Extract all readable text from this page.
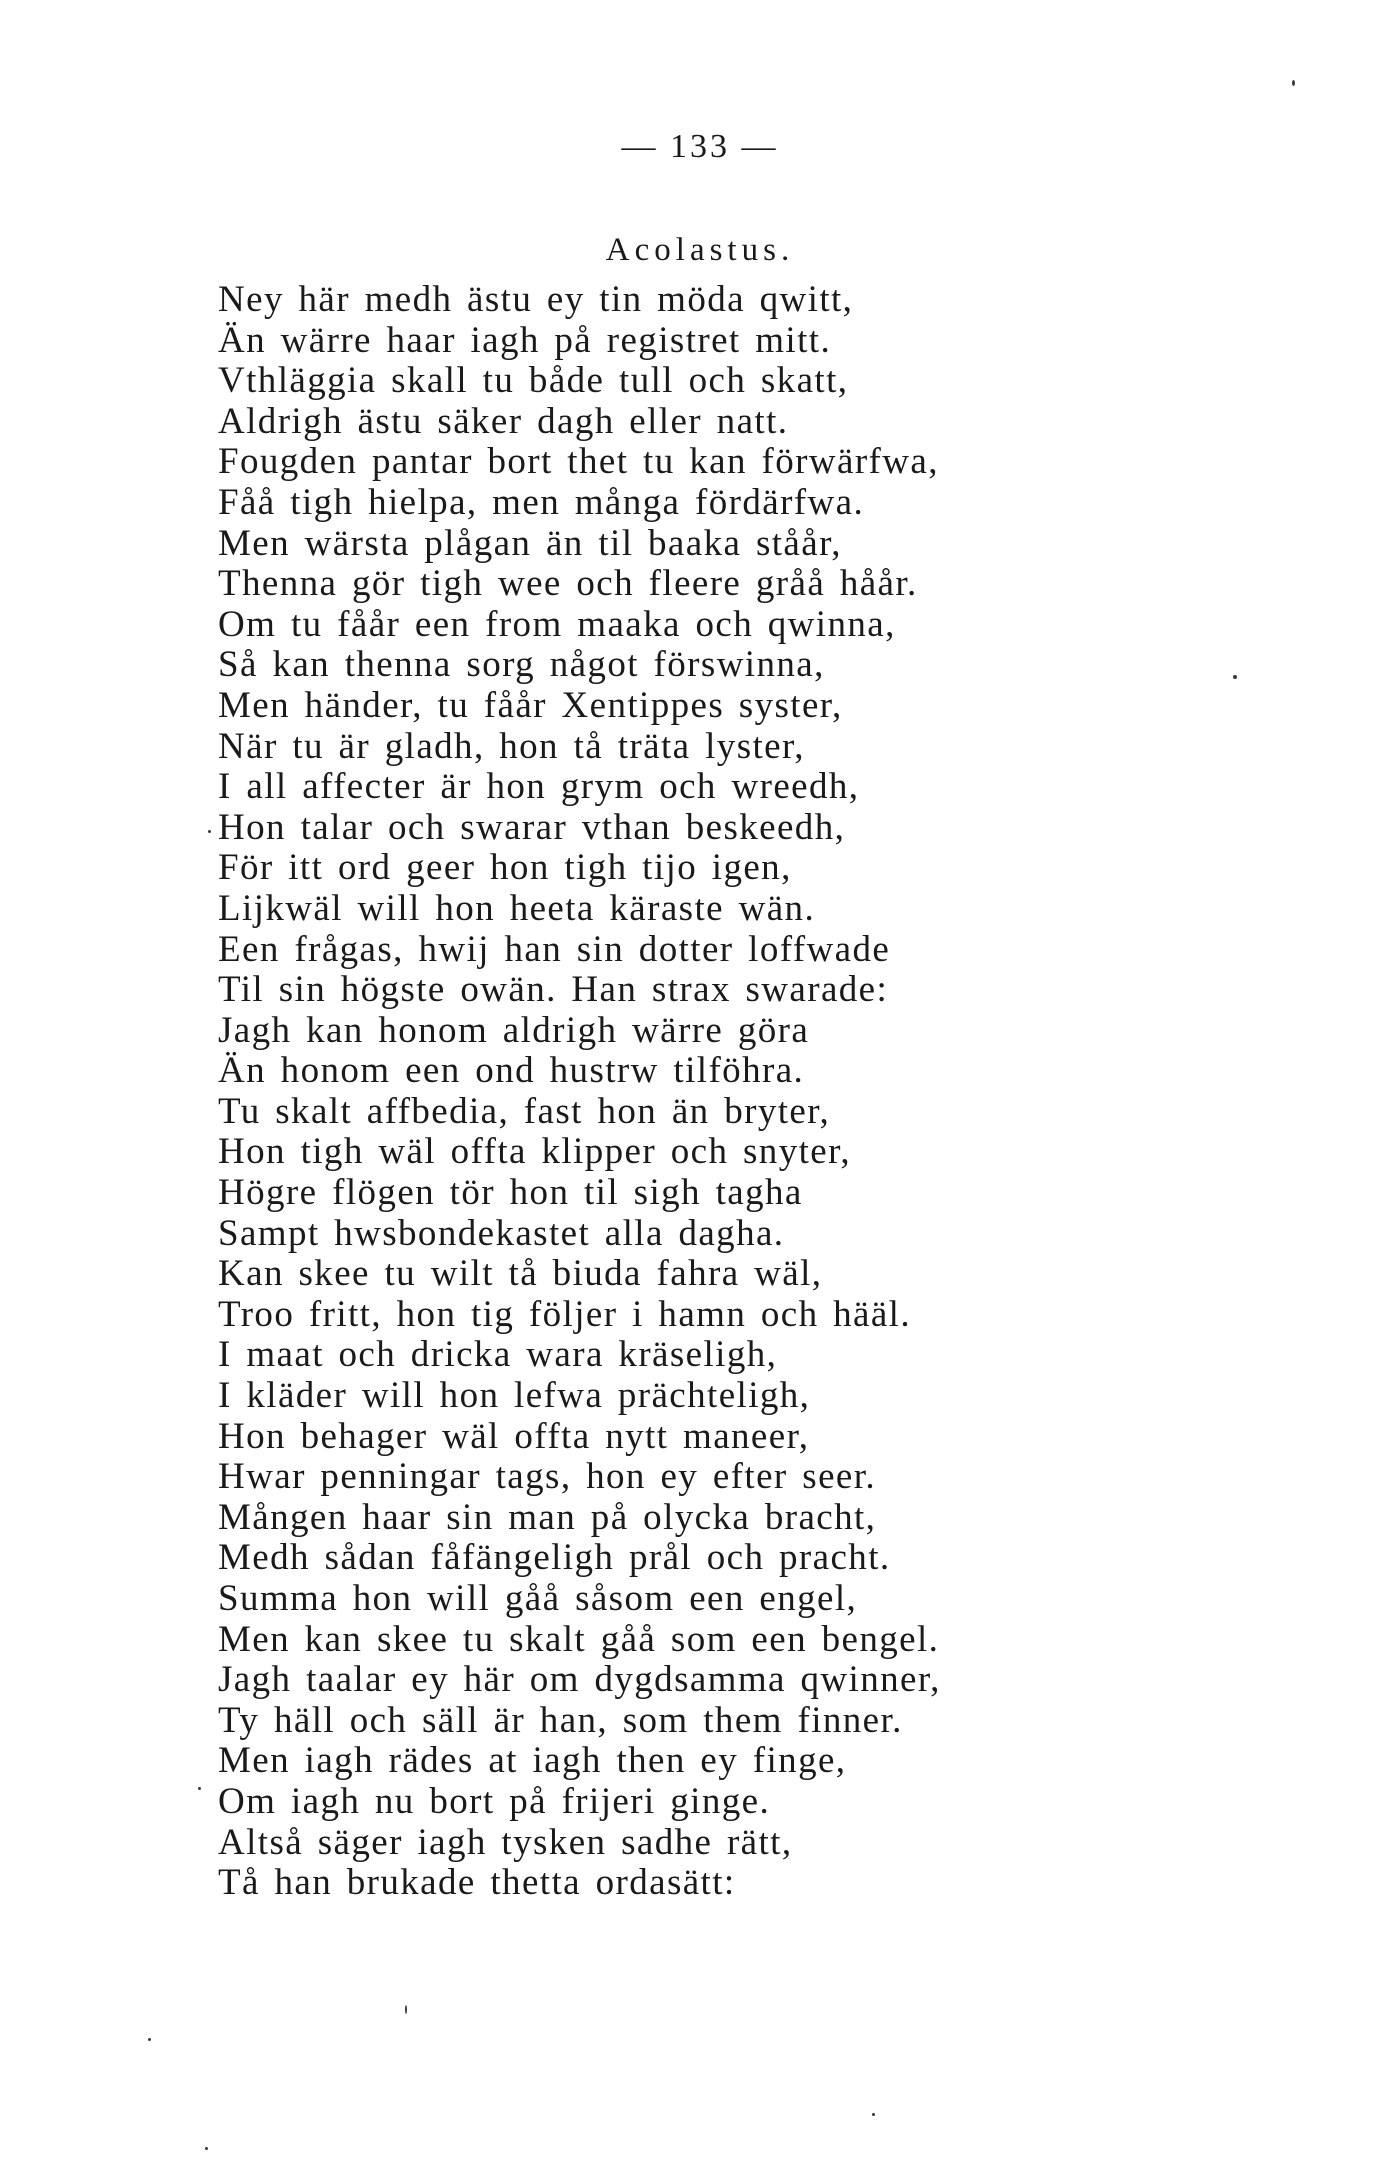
— 133 —
Acolastus.
Ney här medh ästu ey tin möda qwitt,
Än wärre haar iagh på registret mitt.
Vthläggia skall tu både tull och skatt,
Aldrigh ästu säker dagh eller natt.
Fougden pantar bort thet tu kan förwärfwa,
Fåå tigh hielpa, men många fördärfwa.
Men wärsta plågan än til baaka ståår,
Thenna gör tigh wee och fleere gråå håår.
Om tu fåår een from maaka och qwinna,
Så kan thenna sorg något förswinna,
Men händer, tu fåår Xentippes syster,
När tu är gladh, hon tå träta lyster,
I all affecter är hon grym och wreedh,
Hon talar och swarar vthan beskeedh,
För itt ord geer hon tigh tijo igen,
Lijkwäl will hon heeta käraste wän.
Een frågas, hwij han sin dotter loffwade
Til sin högste owän. Han strax swarade:
Jagh kan honom aldrigh wärre göra
Än honom een ond hustrw tilföhra.
Tu skalt affbedia, fast hon än bryter,
Hon tigh wäl offta klipper och snyter,
Högre flögen tör hon til sigh tagha
Sampt hwsbondekastet alla dagha.
Kan skee tu wilt tå biuda fahra wäl,
Troo fritt, hon tig följer i hamn och hääl.
I maat och dricka wara kräseligh,
I kläder will hon lefwa prächteligh,
Hon behager wäl offta nytt maneer,
Hwar penningar tags, hon ey efter seer.
Mången haar sin man på olycka bracht,
Medh sådan fåfängeligh prål och pracht.
Summa hon will gåå såsom een engel,
Men kan skee tu skalt gåå som een bengel.
Jagh taalar ey här om dygdsamma qwinner,
Ty häll och säll är han, som them finner.
Men iagh rädes at iagh then ey finge,
Om iagh nu bort på frijeri ginge.
Altså säger iagh tysken sadhe rätt,
Tå han brukade thetta ordasätt:
